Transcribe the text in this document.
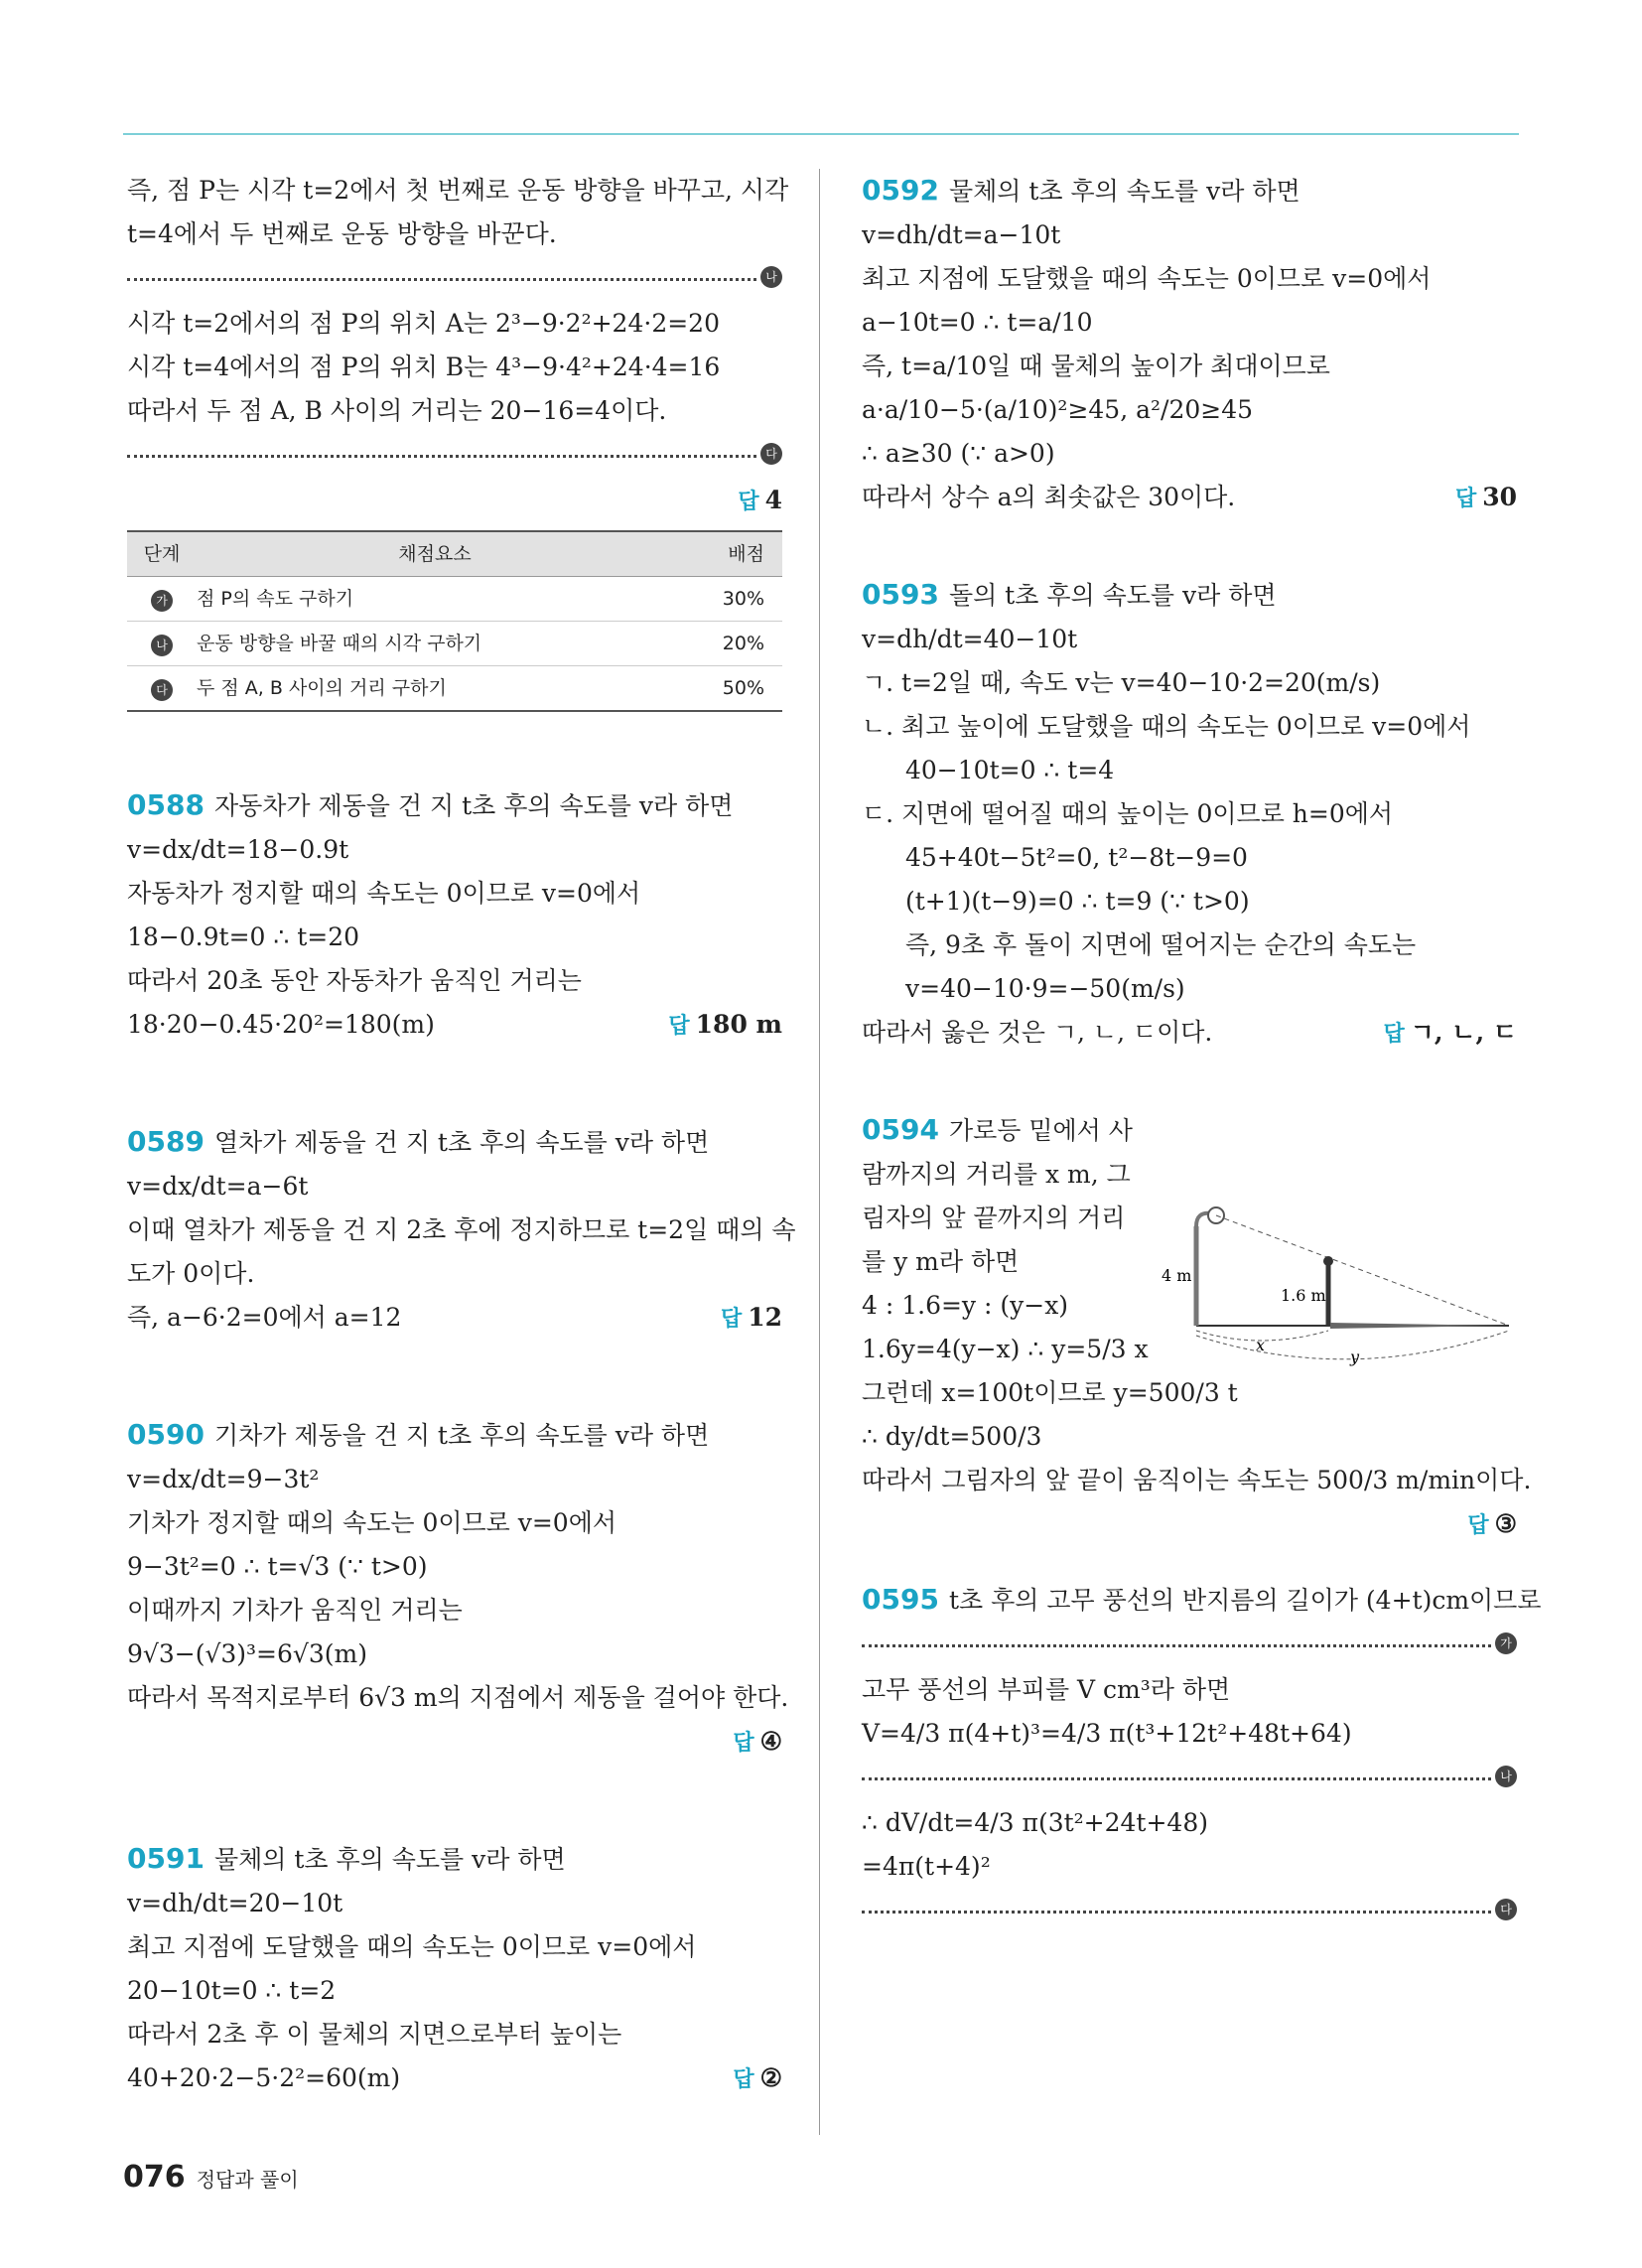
즉, 점 P는 시각 t=2에서 첫 번째로 운동 방향을 바꾸고, 시각
t=4에서 두 번째로 운동 방향을 바꾼다.
나
시각 t=2에서의 점 P의 위치 A는 2³−9·2²+24·2=20
시각 t=4에서의 점 P의 위치 B는 4³−9·4²+24·4=16
따라서 두 점 A, B 사이의 거리는 20−16=4이다.
다
답 4
단계	채점요소	배점
가	점 P의 속도 구하기	30%
나	운동 방향을 바꿀 때의 시각 구하기	20%
다	두 점 A, B 사이의 거리 구하기	50%
0588 자동차가 제동을 건 지 t초 후의 속도를 v라 하면
v=dx/dt=18−0.9t
자동차가 정지할 때의 속도는 0이므로 v=0에서
18−0.9t=0 ∴ t=20
따라서 20초 동안 자동차가 움직인 거리는
18·20−0.45·20²=180(m)	답 180 m
0589 열차가 제동을 건 지 t초 후의 속도를 v라 하면
v=dx/dt=a−6t
이때 열차가 제동을 건 지 2초 후에 정지하므로 t=2일 때의 속
도가 0이다.
즉, a−6·2=0에서 a=12	답 12
0590 기차가 제동을 건 지 t초 후의 속도를 v라 하면
v=dx/dt=9−3t²
기차가 정지할 때의 속도는 0이므로 v=0에서
9−3t²=0 ∴ t=√3 (∵ t>0)
이때까지 기차가 움직인 거리는
9√3−(√3)³=6√3(m)
따라서 목적지로부터 6√3 m의 지점에서 제동을 걸어야 한다.
답 ④
0591 물체의 t초 후의 속도를 v라 하면
v=dh/dt=20−10t
최고 지점에 도달했을 때의 속도는 0이므로 v=0에서
20−10t=0 ∴ t=2
따라서 2초 후 이 물체의 지면으로부터 높이는
40+20·2−5·2²=60(m)	답 ②
0592 물체의 t초 후의 속도를 v라 하면
v=dh/dt=a−10t
최고 지점에 도달했을 때의 속도는 0이므로 v=0에서
a−10t=0 ∴ t=a/10
즉, t=a/10일 때 물체의 높이가 최대이므로
a·a/10−5·(a/10)²≥45, a²/20≥45
∴ a≥30 (∵ a>0)
따라서 상수 a의 최솟값은 30이다.	답 30
0593 돌의 t초 후의 속도를 v라 하면
v=dh/dt=40−10t
ㄱ. t=2일 때, 속도 v는 v=40−10·2=20(m/s)
ㄴ. 최고 높이에 도달했을 때의 속도는 0이므로 v=0에서
40−10t=0 ∴ t=4
ㄷ. 지면에 떨어질 때의 높이는 0이므로 h=0에서
45+40t−5t²=0, t²−8t−9=0
(t+1)(t−9)=0 ∴ t=9 (∵ t>0)
즉, 9초 후 돌이 지면에 떨어지는 순간의 속도는
v=40−10·9=−50(m/s)
따라서 옳은 것은 ㄱ, ㄴ, ㄷ이다.	답 ㄱ, ㄴ, ㄷ
0594 가로등 밑에서 사
람까지의 거리를 x m, 그
림자의 앞 끝까지의 거리
를 y m라 하면
4 : 1.6=y : (y−x)
1.6y=4(y−x) ∴ y=5/3 x
그런데 x=100t이므로 y=500/3 t
∴ dy/dt=500/3
따라서 그림자의 앞 끝이 움직이는 속도는 500/3 m/min이다.
답 ③
0595 t초 후의 고무 풍선의 반지름의 길이가 (4+t)cm이므로
가
고무 풍선의 부피를 V cm³라 하면
V=4/3 π(4+t)³=4/3 π(t³+12t²+48t+64)
나
∴ dV/dt=4/3 π(3t²+24t+48)
=4π(t+4)²
다
4 m
1.6 m
x
y
076 정답과 풀이
